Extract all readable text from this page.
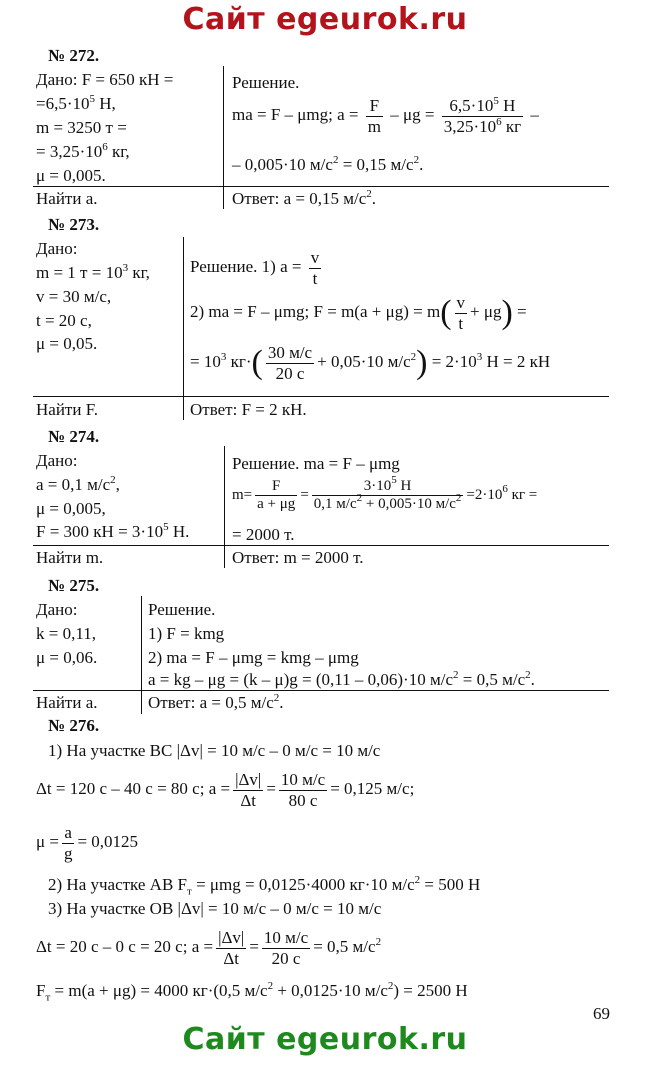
Сайт egeurok.ru
Сайт egeurok.ru
69
№ 272.
Дано: F = 650 кН =
$=6,5\cdot 10^5$ Н,
m = 3250 т =
= $3,25\cdot 10^6$ кг,
μ = 0,005.
Найти a.
Решение.
ma = F – μmg; $a = \frac{F}{m} - \mu g = \frac{6,5\cdot 10^5 Н}{3,25\cdot 10^6 кг}$ –
– 0,005·10 $м/с^2 = 0,15$ $м/с^2$.
Ответ: a = 0,15 $м/с^2$.
№ 273.
Дано:
m = 1 $т = 10^3$ кг,
v = 30 м/с,
t = 20 с,
μ = 0,05.
Найти F.
Решение. 1) $a = \frac{v}{t}$
2) ma = F – μmg; $F = m(a + \mu g) = m( \frac{v}{t} + \mu g)$ =
= $10^3$ $кг\cdot( \frac{30 м/с}{20 с} + 0,05\cdot 10$ $м/с^2) = 2\cdot 10^3$ Н = 2 кН
Ответ: F = 2 кН.
№ 274.
Дано:
a = 0,1 $м/с^2$,
μ = 0,005,
F = 300 кН = $3\cdot 10^5$ Н.
Найти m.
Решение. ma = F – μmg
$m= \frac{F}{a + \mu g} = \frac{3\cdot 10^5 Н}{0,1 м/с^2 + 0,005\cdot 10 м/с^2} =2\cdot 10^6$ кг =
= 2000 т.
Ответ: m = 2000 т.
№ 275.
Дано:
k = 0,11,
μ = 0,06.
Найти a.
Решение.
1) F = kmg
2) ma = F – μmg = kmg – μmg
a = kg – μg = (k – μ)g = (0,11 – 0,06)·10 $м/с^2 = 0,5$ $м/с^2$.
Ответ: a = 0,5 $м/с^2$.
№ 276.
1) На участке ВС |Δv| = 10 м/с – 0 м/с = 10 м/с
Δt = 120 с – 40 с = 80 с; $a = \frac{|\Delta v|}{\Delta t} = \frac{10 м/с}{80 с} = 0,125$ м/с;
$\mu = \frac{a}{g} = 0,0125$
2) На участке АВ $F_т = \mu mg = 0,0125\cdot 4000$ кг·10 $м/с^2 = 500$ Н
3) На участке ОВ |Δv| = 10 м/с – 0 м/с = 10 м/с
Δt = 20 с – 0 с = 20 с; $a = \frac{|\Delta v|}{\Delta t} = \frac{10 м/с}{20 с} = 0,5$ $м/с^2$
$F_т = m(a + \mu g) = 4000$ кг·(0,5 $м/с^2 + 0,0125\cdot 10$ $м/с^2) = 2500$ Н
